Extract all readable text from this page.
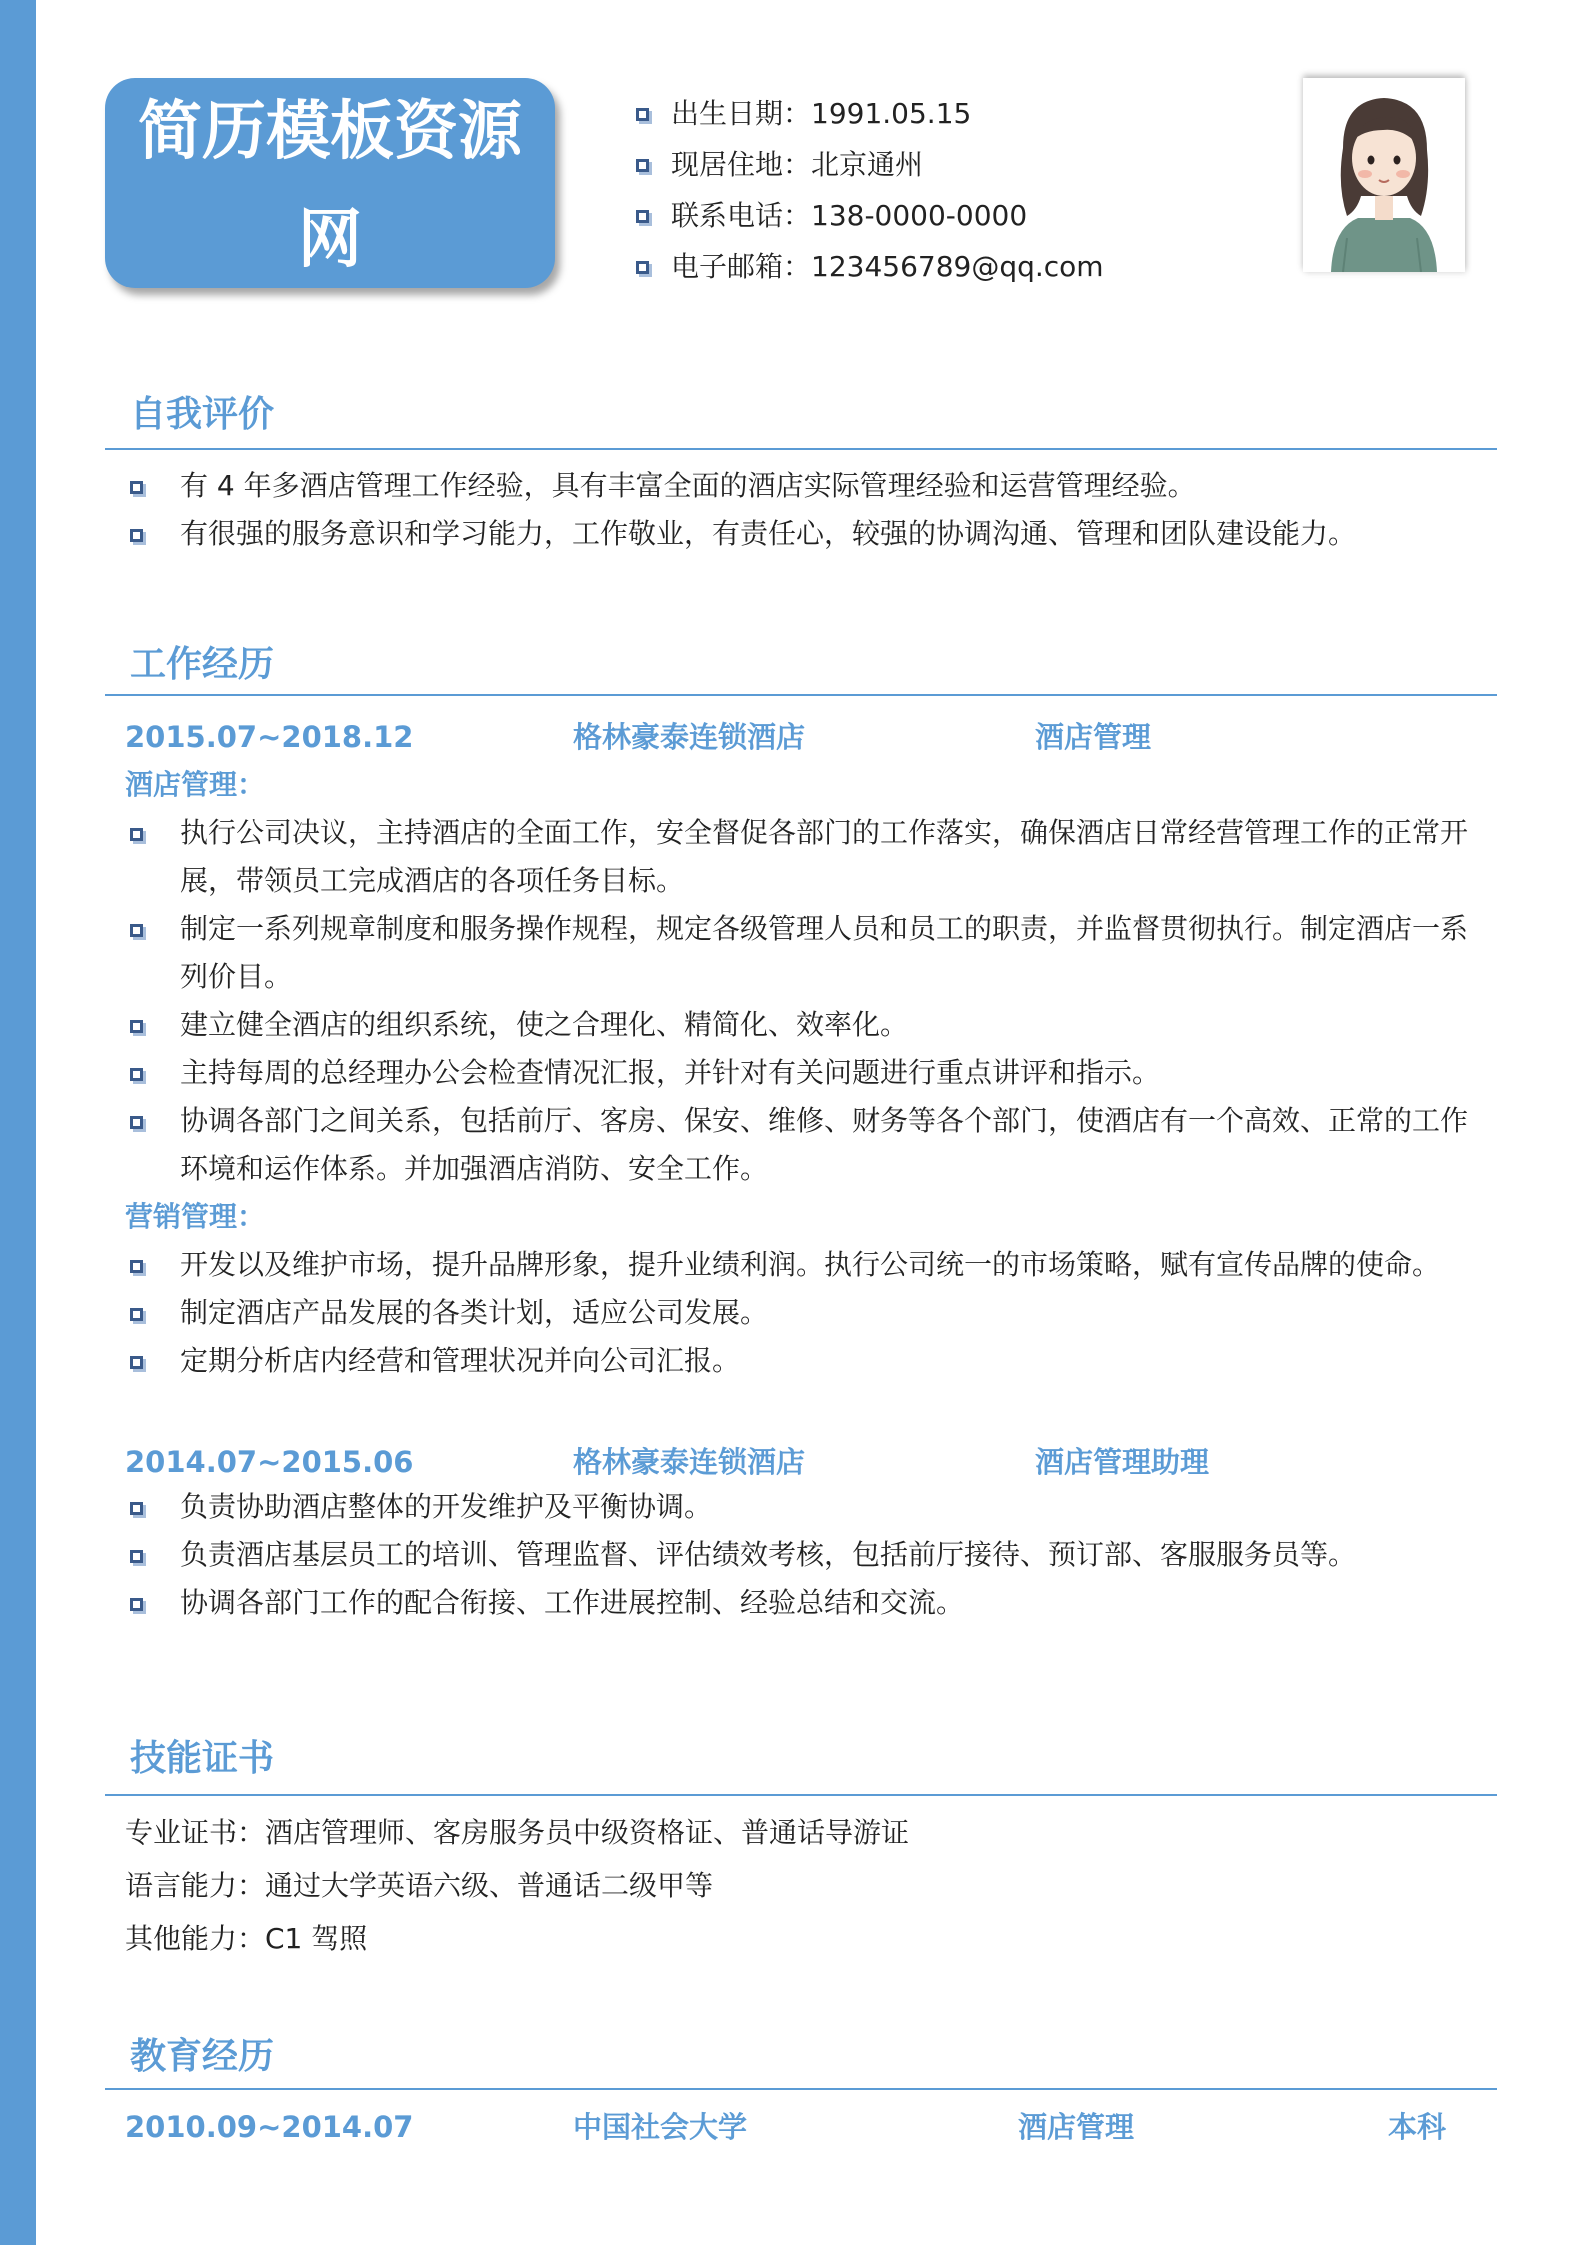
简历模板资源网
出生日期：1991.05.15
现居住地：北京通州
联系电话：138-0000-0000
电子邮箱：123456789@qq.com
自我评价
有 4 年多酒店管理工作经验，具有丰富全面的酒店实际管理经验和运营管理经验。
有很强的服务意识和学习能力，工作敬业，有责任心，较强的协调沟通、管理和团队建设能力。
工作经历
2015.07~2018.12	格林豪泰连锁酒店	酒店管理
酒店管理：
执行公司决议，主持酒店的全面工作，安全督促各部门的工作落实，确保酒店日常经营管理工作的正常开展，带领员工完成酒店的各项任务目标。
制定一系列规章制度和服务操作规程，规定各级管理人员和员工的职责，并监督贯彻执行。制定酒店一系列价目。
建立健全酒店的组织系统，使之合理化、精简化、效率化。
主持每周的总经理办公会检查情况汇报，并针对有关问题进行重点讲评和指示。
协调各部门之间关系，包括前厅、客房、保安、维修、财务等各个部门，使酒店有一个高效、正常的工作环境和运作体系。并加强酒店消防、安全工作。
营销管理：
开发以及维护市场，提升品牌形象，提升业绩利润。执行公司统一的市场策略，赋有宣传品牌的使命。
制定酒店产品发展的各类计划，适应公司发展。
定期分析店内经营和管理状况并向公司汇报。
2014.07~2015.06	格林豪泰连锁酒店	酒店管理助理
负责协助酒店整体的开发维护及平衡协调。
负责酒店基层员工的培训、管理监督、评估绩效考核，包括前厅接待、预订部、客服服务员等。
协调各部门工作的配合衔接、工作进展控制、经验总结和交流。
技能证书
专业证书：酒店管理师、客房服务员中级资格证、普通话导游证
语言能力：通过大学英语六级、普通话二级甲等
其他能力：C1 驾照
教育经历
2010.09~2014.07	中国社会大学	酒店管理	本科
